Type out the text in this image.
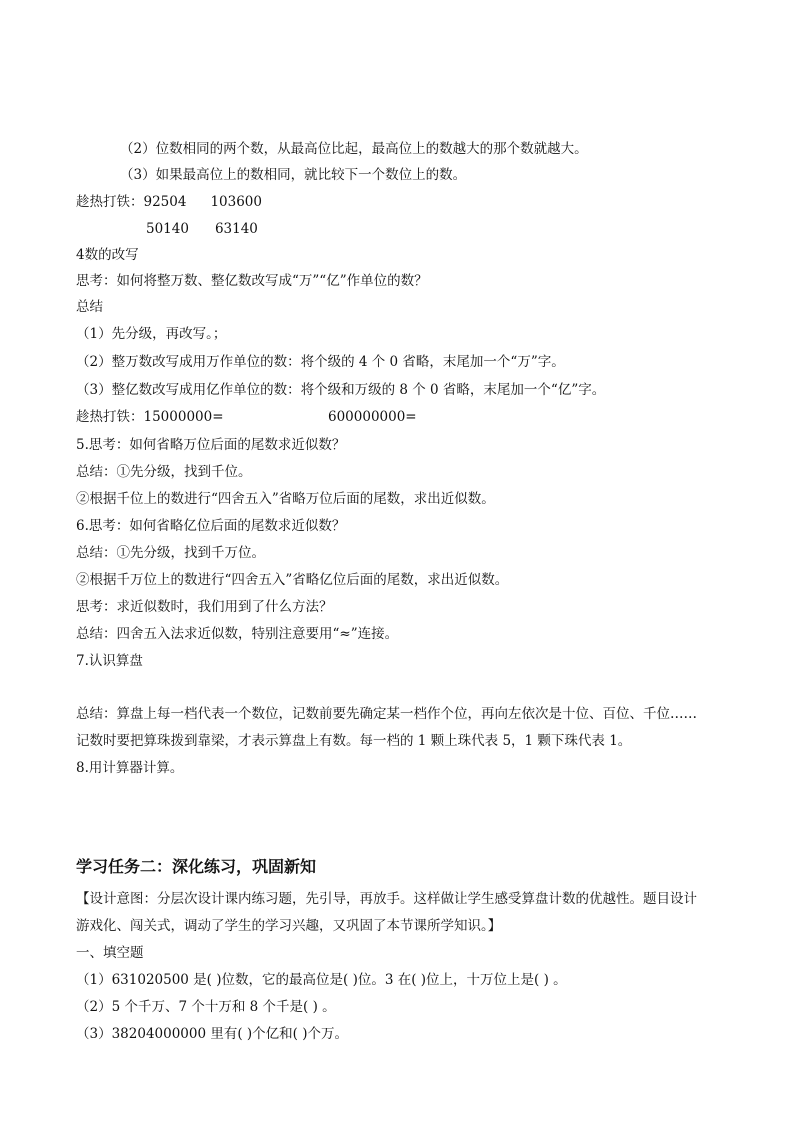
（2）位数相同的两个数，从最高位比起，最高位上的数越大的那个数就越大。
（3）如果最高位上的数相同，就比较下一个数位上的数。
趁热打铁：92504 103600
50140 63140
4数的改写
思考：如何将整万数、整亿数改写成“万”“亿”作单位的数？
总结
（1）先分级，再改写。；
（2）整万数改写成用万作单位的数：将个级的 4 个 0 省略，末尾加一个“万”字。
（3）整亿数改写成用亿作单位的数：将个级和万级的 8 个 0 省略，末尾加一个“亿”字。
趁热打铁：15000000=	600000000=
5.思考：如何省略万位后面的尾数求近似数？
总结：①先分级，找到千位。
②根据千位上的数进行“四舍五入”省略万位后面的尾数，求出近似数。
6.思考：如何省略亿位后面的尾数求近似数？
总结：①先分级，找到千万位。
②根据千万位上的数进行“四舍五入”省略亿位后面的尾数，求出近似数。
思考：求近似数时，我们用到了什么方法？
总结：四舍五入法求近似数，特别注意要用“≈”连接。
7.认识算盘
总结：算盘上每一档代表一个数位，记数前要先确定某一档作个位，再向左依次是十位、百位、千位……
记数时要把算珠拨到靠梁，才表示算盘上有数。每一档的 1 颗上珠代表 5，1 颗下珠代表 1。
8.用计算器计算。
学习任务二：深化练习，巩固新知
【设计意图：分层次设计课内练习题，先引导，再放手。这样做让学生感受算盘计数的优越性。题目设计
游戏化、闯关式，调动了学生的学习兴趣，又巩固了本节课所学知识。】
一、填空题
（1）631020500 是( )位数，它的最高位是( )位。3 在( )位上，十万位上是( ) 。
（2）5 个千万、7 个十万和 8 个千是( ) 。
（3）38204000000 里有( )个亿和( )个万。
